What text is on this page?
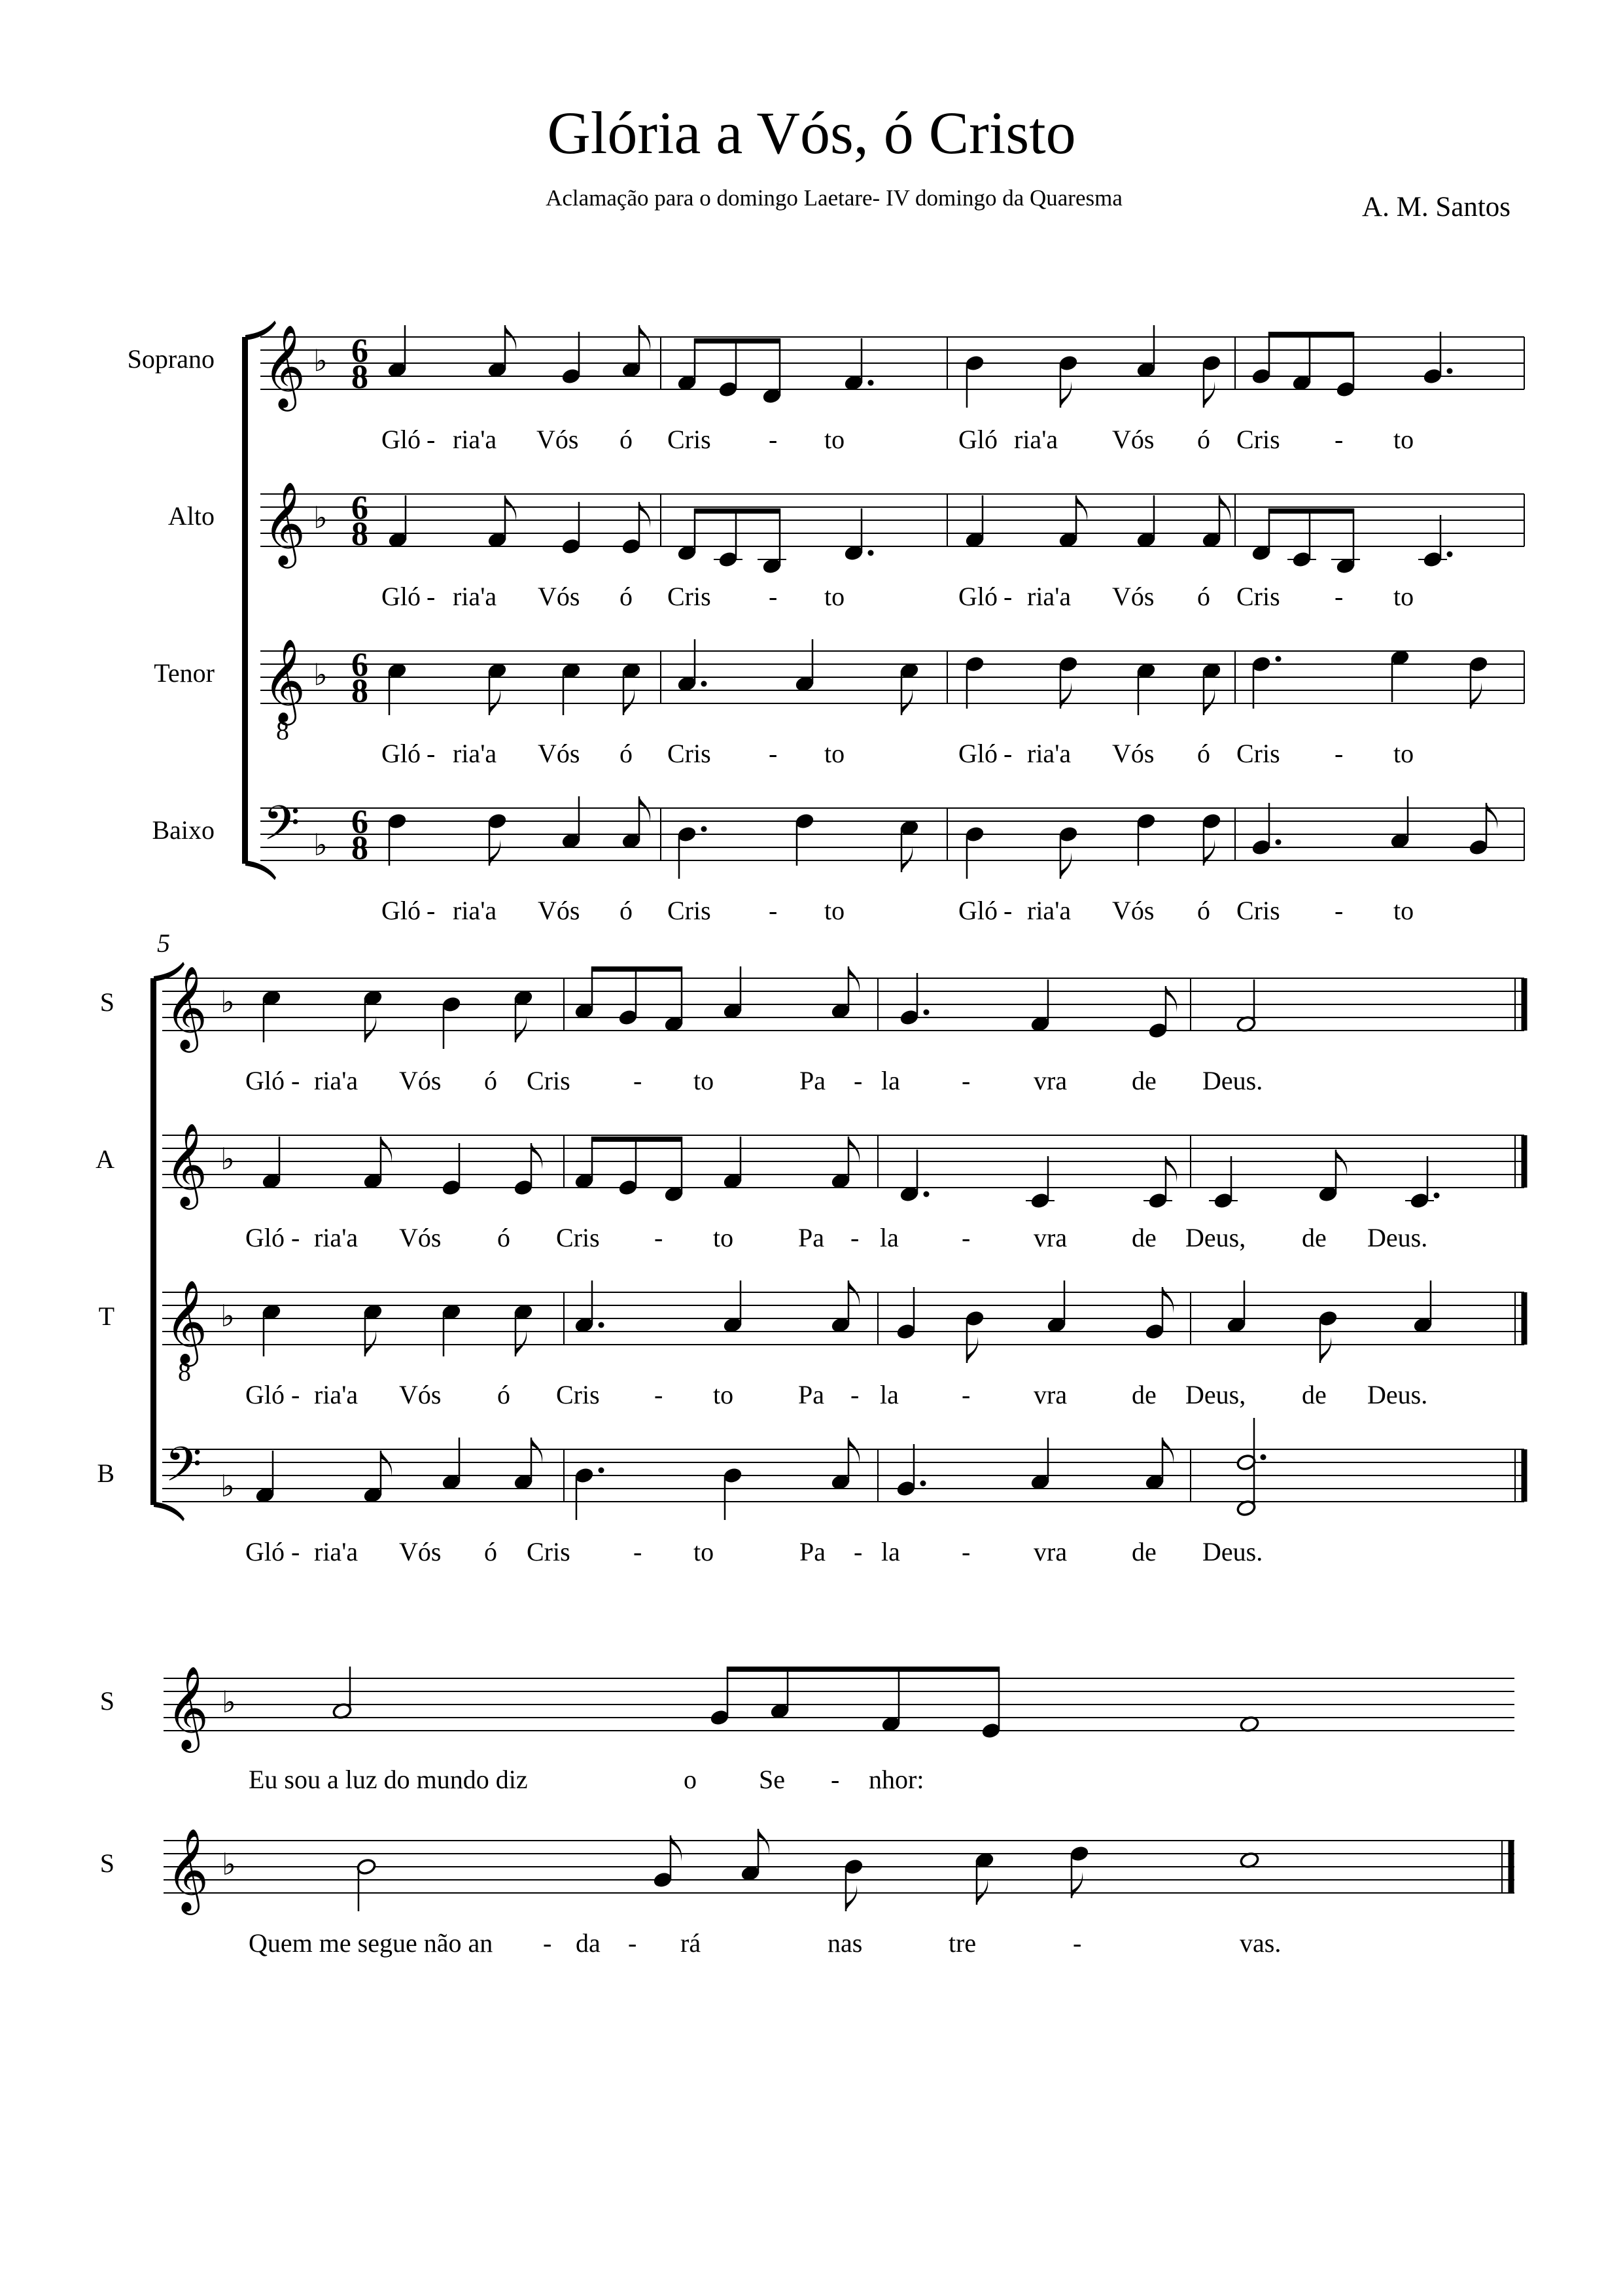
Glória a Vós, ó Cristo
Aclamação para o domingo Laetare- IV domingo da Quaresma	A. M. Santos
𝄞 ♭ 6
8
Soprano
𝄞 ♭ 6
8
Alto
𝄞
8
♭ 6
8
Tenor
𝄢 ♭
6
8
Baixo
Gló - ria'a Vós ó Cris - to	Gló ria'a Vós ó Cris - to
Gló - ria'a Vós ó Cris - to	Gló - ria'a Vós ó Cris - to
Gló - ria'a Vós ó Cris - to	Gló - ria'a Vós ó Cris - to
Gló - ria'a Vós ó Cris - to	Gló - ria'a Vós ó Cris - to
5
𝄞 ♭
S
𝄞 ♭
A
𝄞
8
♭
T
𝄢 ♭
B
Gló - ria'a Vós ó Cris - to	Pa - la - vra de Deus.
Gló - ria'a Vós ó Cris - to Pa - la - vra de Deus, de Deus.
Gló - ria'a Vós ó Cris - to Pa - la - vra de Deus, de Deus.
Gló - ria'a Vós ó Cris - to	Pa - la - vra de Deus.
𝄞 ♭
S
Eu sou a luz do mundo diz	o Se - nhor:
𝄞 ♭
S
Quem me segue não an - da - rá	nas	tre	-	vas.
